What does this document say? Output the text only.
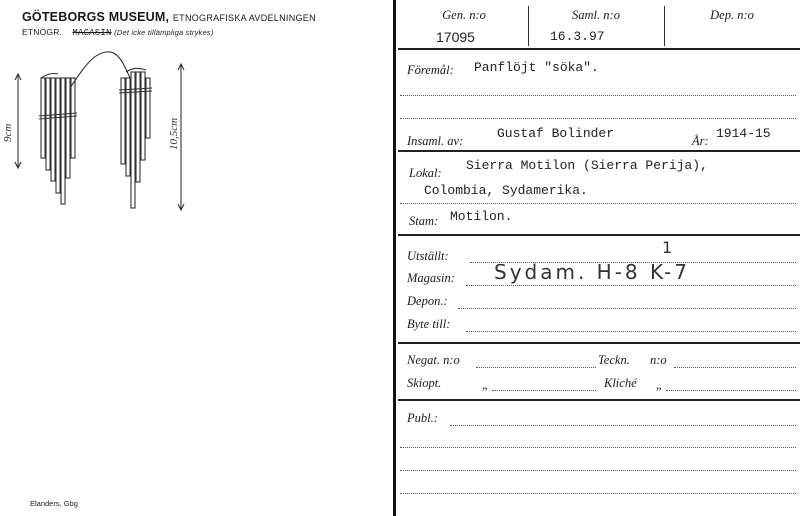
GÖTEBORGS MUSEUM, ETNOGRAFISKA AVDELNINGEN
ETNOGR. MAGASIN (Det icke tillämpliga strykes)
9cm	10,5cm
Elanders, Gbg
Gen. n:o
17095
Saml. n:o
16.3.97
Dep. n:o
Föremål: Panflöjt "söka".
Insaml. av:	Gustaf Bolinder	År: 1914-15
Lokal: Sierra Motilon (Sierra Perija),
Colombia, Sydamerika.
Stam: Motilon.
Utställt:	1
Magasin: Sydam. H-8 K-7
Depon.:
Byte till:
Negat. n:o	Teckn. n:o
Skiopt.	„	Kliché „
Publ.:
